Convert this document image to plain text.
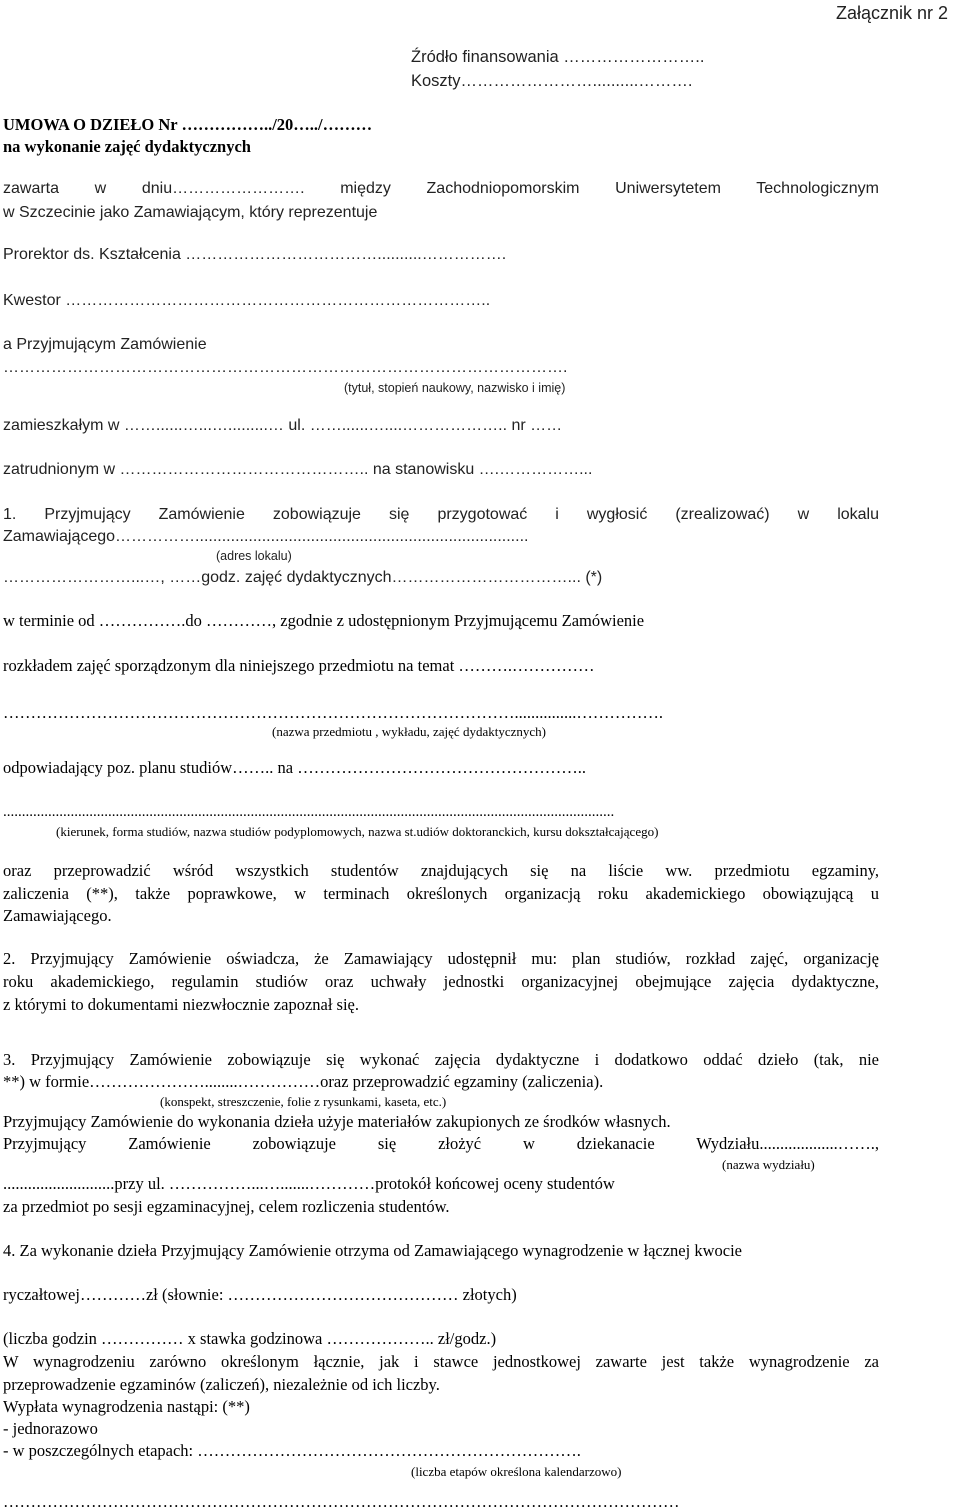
Załącznik nr 2
Źródło finansowania ……………………..
Koszty……………………..........……….
UMOWA O DZIEŁO Nr ……………../20…../………
na wykonanie zajęć dydaktycznych
zawarta w dniu……………………. między Zachodniopomorskim Uniwersytetem Technologicznym
w Szczecinie jako Zamawiającym, który reprezentuje
Prorektor ds. Kształcenia ………………………………..........…………….
Kwestor ……………………………………………………………………..
a Przyjmującym Zamówienie
…………………………………………………………………………………………….
(tytuł, stopień naukowy, nazwisko i imię)
zamieszkałym w ……......…...….........… ul. ……......…....……………….. nr ……
zatrudnionym w ……………………………………….. na stanowisku ….……………...
1. Przyjmujący Zamówienie zobowiązuje się przygotować i wygłosić (zrealizować) w lokalu
Zamawiającego……………...........................................................................
(adres lokalu)
……………………...…, ……godz. zajęć dydaktycznych……………………………... (*)
w terminie od …………….do …………, zgodnie z udostępnionym Przyjmującemu Zamówienie
rozkładem zajęć sporządzonym dla niniejszego przedmiotu na temat ……….……………
…………………………………………………………………………………...............…………….
(nazwa przedmiotu , wykładu, zajęć dydaktycznych)
odpowiadający poz. planu studiów…….. na ……………………………………………..
...................................................................................................................................................................
(kierunek, forma studiów, nazwa studiów podyplomowych, nazwa st.udiów doktoranckich, kursu dokształcającego)
oraz przeprowadzić wśród wszystkich studentów znajdujących się na liście ww. przedmiotu egzaminy,
zaliczenia (**), także poprawkowe, w terminach określonych organizacją roku akademickiego obowiązującą u
Zamawiającego.
2. Przyjmujący Zamówienie oświadcza, że Zamawiający udostępnił mu: plan studiów, rozkład zajęć, organizację
roku akademickiego, regulamin studiów oraz uchwały jednostki organizacyjnej obejmujące zajęcia dydaktyczne,
z którymi to dokumentami niezwłocznie zapoznał się.
3. Przyjmujący Zamówienie zobowiązuje się wykonać zajęcia dydaktyczne i dodatkowo oddać dzieło (tak, nie
**) w formie…………………........……………oraz przeprowadzić egzaminy (zaliczenia).
(konspekt, streszczenie, folie z rysunkami, kaseta, etc.)
Przyjmujący Zamówienie do wykonania dzieła użyje materiałów zakupionych ze środków własnych.
Przyjmujący Zamówienie zobowiązuje się złożyć w dziekanacie Wydziału...................…….,
(nazwa wydziału)
...........................przy ul. ……………...….......…………protokół końcowej oceny studentów
za przedmiot po sesji egzaminacyjnej, celem rozliczenia studentów.
4. Za wykonanie dzieła Przyjmujący Zamówienie otrzyma od Zamawiającego wynagrodzenie w łącznej kwocie
ryczałtowej…………zł (słownie: …………………………………… złotych)
(liczba godzin …………… x stawka godzinowa ……………….. zł/godz.)
W wynagrodzeniu zarówno określonym łącznie, jak i stawce jednostkowej zawarte jest także wynagrodzenie za
przeprowadzenie egzaminów (zaliczeń), niezależnie od ich liczby.
Wypłata wynagrodzenia nastąpi: (**)
- jednorazowo
- w poszczególnych etapach: …………………………………………………………….
(liczba etapów określona kalendarzowo)
……………………………………………………………………………………………………………
